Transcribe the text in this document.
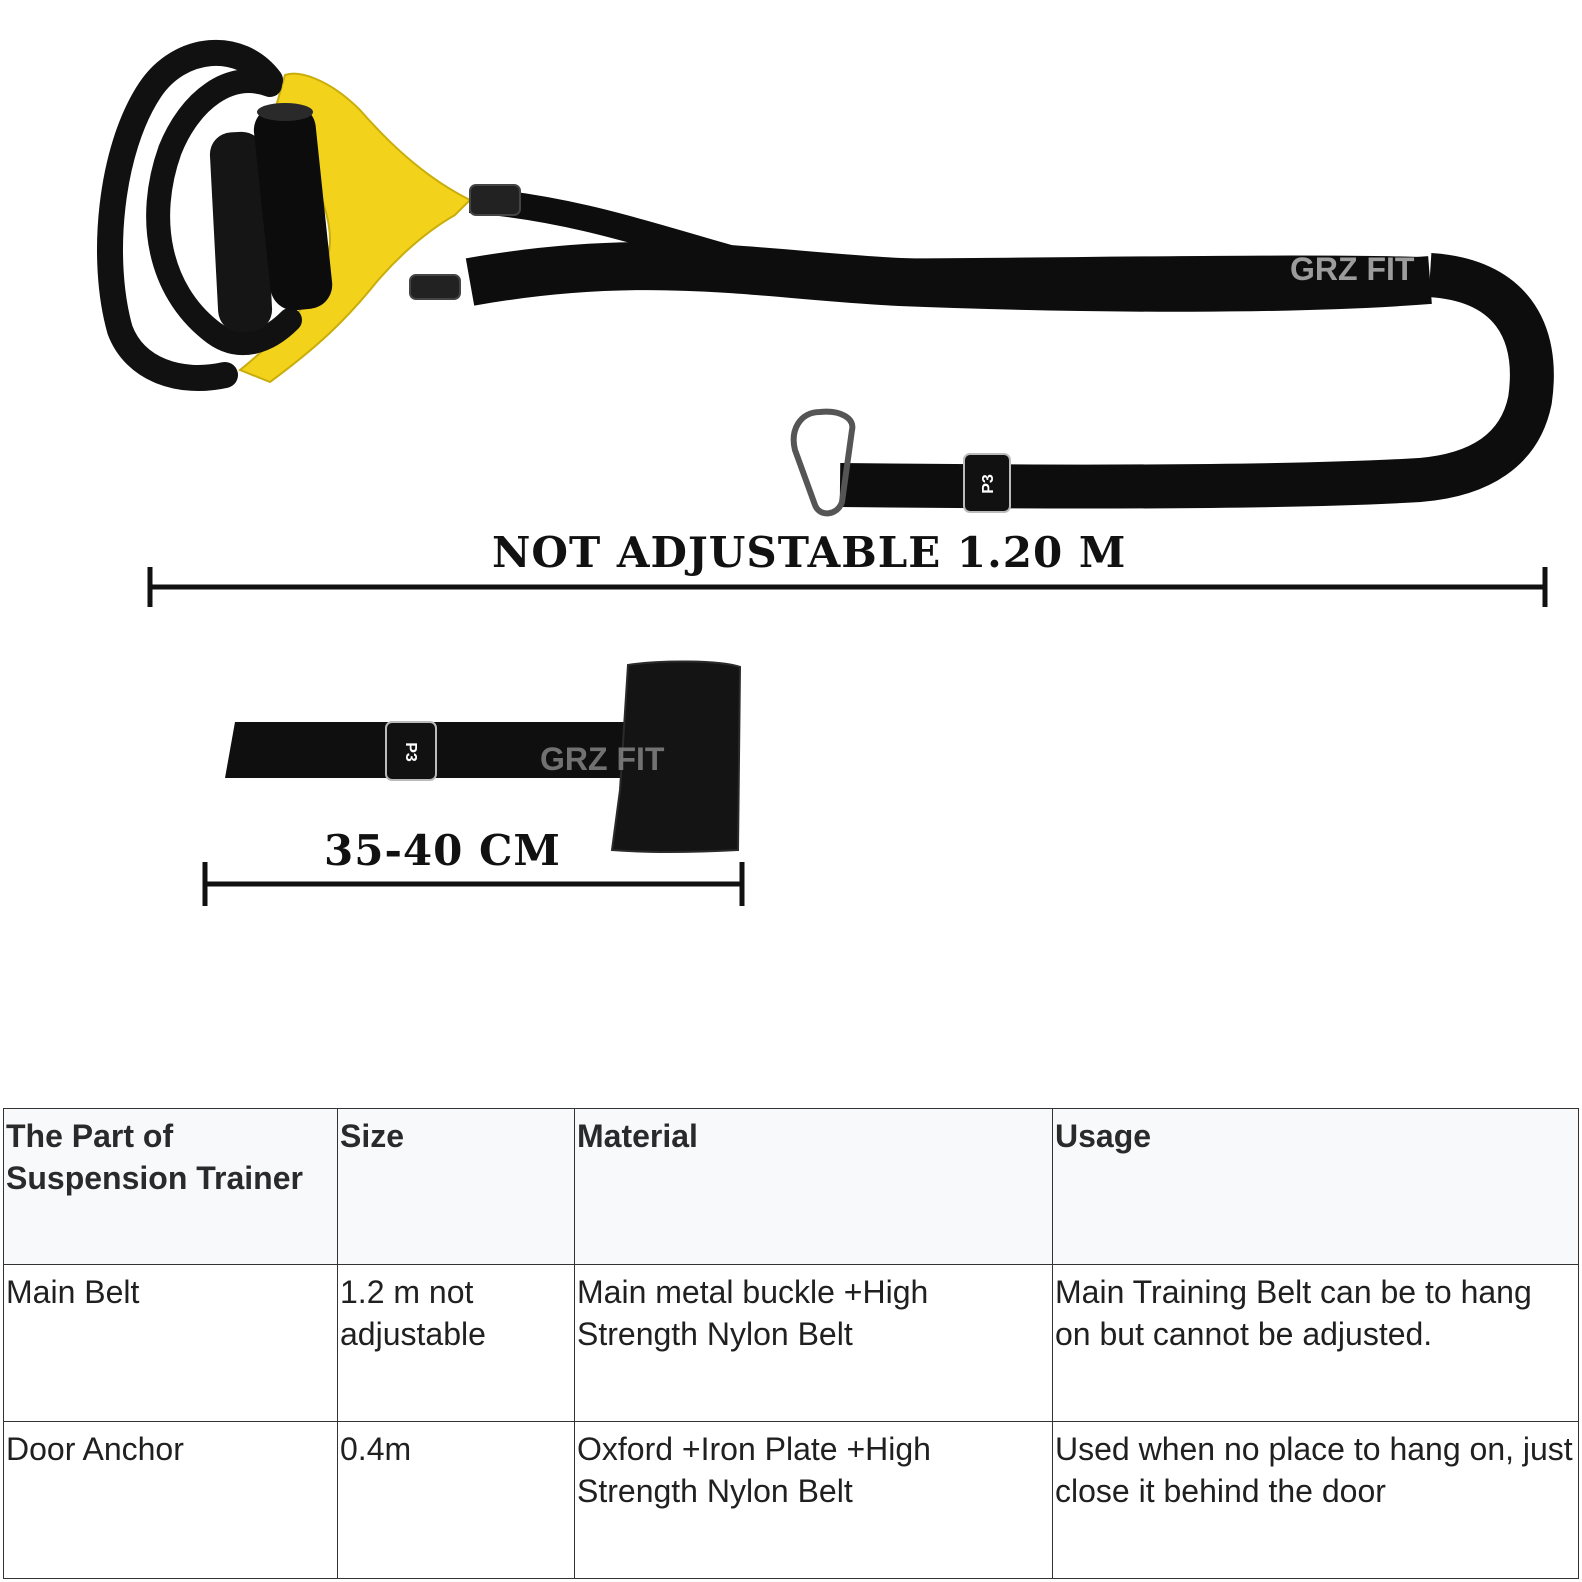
P3
GRZ FIT
P3	GRZ FIT
NOT ADJUSTABLE 1.20 M
35-40 CM
The Part of Suspension Trainer	Size	Material	Usage
Main Belt	1.2 m not adjustable	Main metal buckle +High Strength Nylon Belt	Main Training Belt can be to hang on but cannot be adjusted.
Door Anchor	0.4m	Oxford +Iron Plate +High Strength Nylon Belt	Used when no place to hang on, just close it behind the door
